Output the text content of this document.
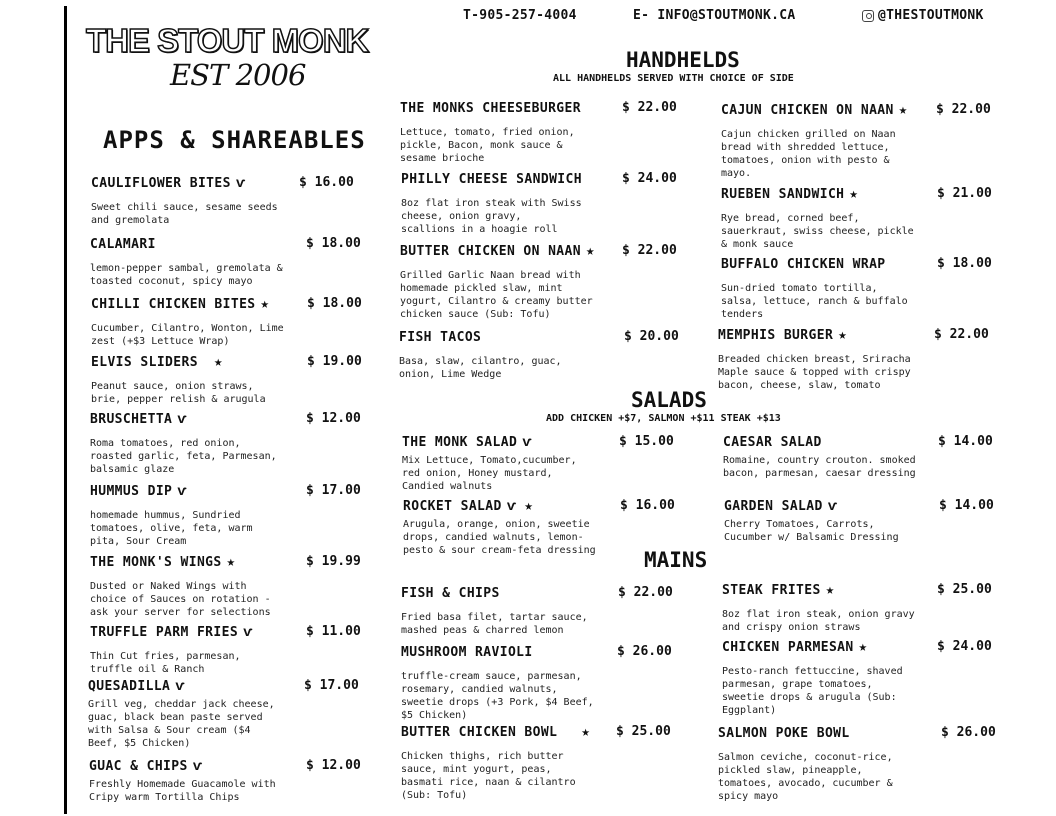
T-905-257-4004	E- INFO@STOUTMONK.CA	@THESTOUTMONK
THE STOUT MONK
EST 2006
APPS & SHAREABLES
HANDHELDS
ALL HANDHELDS SERVED WITH CHOICE OF SIDE
SALADS
ADD CHICKEN +$7, SALMON +$11 STEAK +$13
MAINS
CAULIFLOWER BITES ⱱ	$ 16.00
Sweet chili sauce, sesame seeds
and gremolata
CALAMARI	$ 18.00
lemon-pepper sambal, gremolata &
toasted coconut, spicy mayo
CHILLI CHICKEN BITES ★	$ 18.00
Cucumber, Cilantro, Wonton, Lime
zest (+$3 Lettuce Wrap)
ELVIS SLIDERS ★	$ 19.00
Peanut sauce, onion straws,
brie, pepper relish & arugula
BRUSCHETTA ⱱ	$ 12.00
Roma tomatoes, red onion,
roasted garlic, feta, Parmesan,
balsamic glaze
HUMMUS DIP ⱱ	$ 17.00
homemade hummus, Sundried
tomatoes, olive, feta, warm
pita, Sour Cream
THE MONK'S WINGS ★	$ 19.99
Dusted or Naked Wings with
choice of Sauces on rotation -
ask your server for selections
TRUFFLE PARM FRIES ⱱ	$ 11.00
Thin Cut fries, parmesan,
truffle oil & Ranch
QUESADILLA ⱱ	$ 17.00
Grill veg, cheddar jack cheese,
guac, black bean paste served
with Salsa & Sour cream ($4
Beef, $5 Chicken)
GUAC & CHIPS ⱱ	$ 12.00
Freshly Homemade Guacamole with
Cripy warm Tortilla Chips
THE MONKS CHEESEBURGER	$ 22.00
Lettuce, tomato, fried onion,
pickle, Bacon, monk sauce &
sesame brioche
PHILLY CHEESE SANDWICH	$ 24.00
8oz flat iron steak with Swiss
cheese, onion gravy,
scallions in a hoagie roll
BUTTER CHICKEN ON NAAN ★ $ 22.00
Grilled Garlic Naan bread with
homemade pickled slaw, mint
yogurt, Cilantro & creamy butter
chicken sauce (Sub: Tofu)
FISH TACOS	$ 20.00
Basa, slaw, cilantro, guac,
onion, Lime Wedge
CAJUN CHICKEN ON NAAN ★ $ 22.00
Cajun chicken grilled on Naan
bread with shredded lettuce,
tomatoes, onion with pesto &
mayo.
RUEBEN SANDWICH ★	$ 21.00
Rye bread, corned beef,
sauerkraut, swiss cheese, pickle
& monk sauce
BUFFALO CHICKEN WRAP	$ 18.00
Sun-dried tomato tortilla,
salsa, lettuce, ranch & buffalo
tenders
MEMPHIS BURGER ★	$ 22.00
Breaded chicken breast, Sriracha
Maple sauce & topped with crispy
bacon, cheese, slaw, tomato
THE MONK SALAD ⱱ	$ 15.00
Mix Lettuce, Tomato,cucumber,
red onion, Honey mustard,
Candied walnuts
ROCKET SALAD ⱱ ★	$ 16.00
Arugula, orange, onion, sweetie
drops, candied walnuts, lemon-
pesto & sour cream-feta dressing
CAESAR SALAD	$ 14.00
Romaine, country crouton. smoked
bacon, parmesan, caesar dressing
GARDEN SALAD ⱱ	$ 14.00
Cherry Tomatoes, Carrots,
Cucumber w/ Balsamic Dressing
FISH & CHIPS	$ 22.00
Fried basa filet, tartar sauce,
mashed peas & charred lemon
MUSHROOM RAVIOLI	$ 26.00
truffle-cream sauce, parmesan,
rosemary, candied walnuts,
sweetie drops (+3 Pork, $4 Beef,
$5 Chicken)
BUTTER CHICKEN BOWL ★ $ 25.00
Chicken thighs, rich butter
sauce, mint yogurt, peas,
basmati rice, naan & cilantro
(Sub: Tofu)
STEAK FRITES ★	$ 25.00
8oz flat iron steak, onion gravy
and crispy onion straws
CHICKEN PARMESAN ★	$ 24.00
Pesto-ranch fettuccine, shaved
parmesan, grape tomatoes,
sweetie drops & arugula (Sub:
Eggplant)
SALMON POKE BOWL	$ 26.00
Salmon ceviche, coconut-rice,
pickled slaw, pineapple,
tomatoes, avocado, cucumber &
spicy mayo
